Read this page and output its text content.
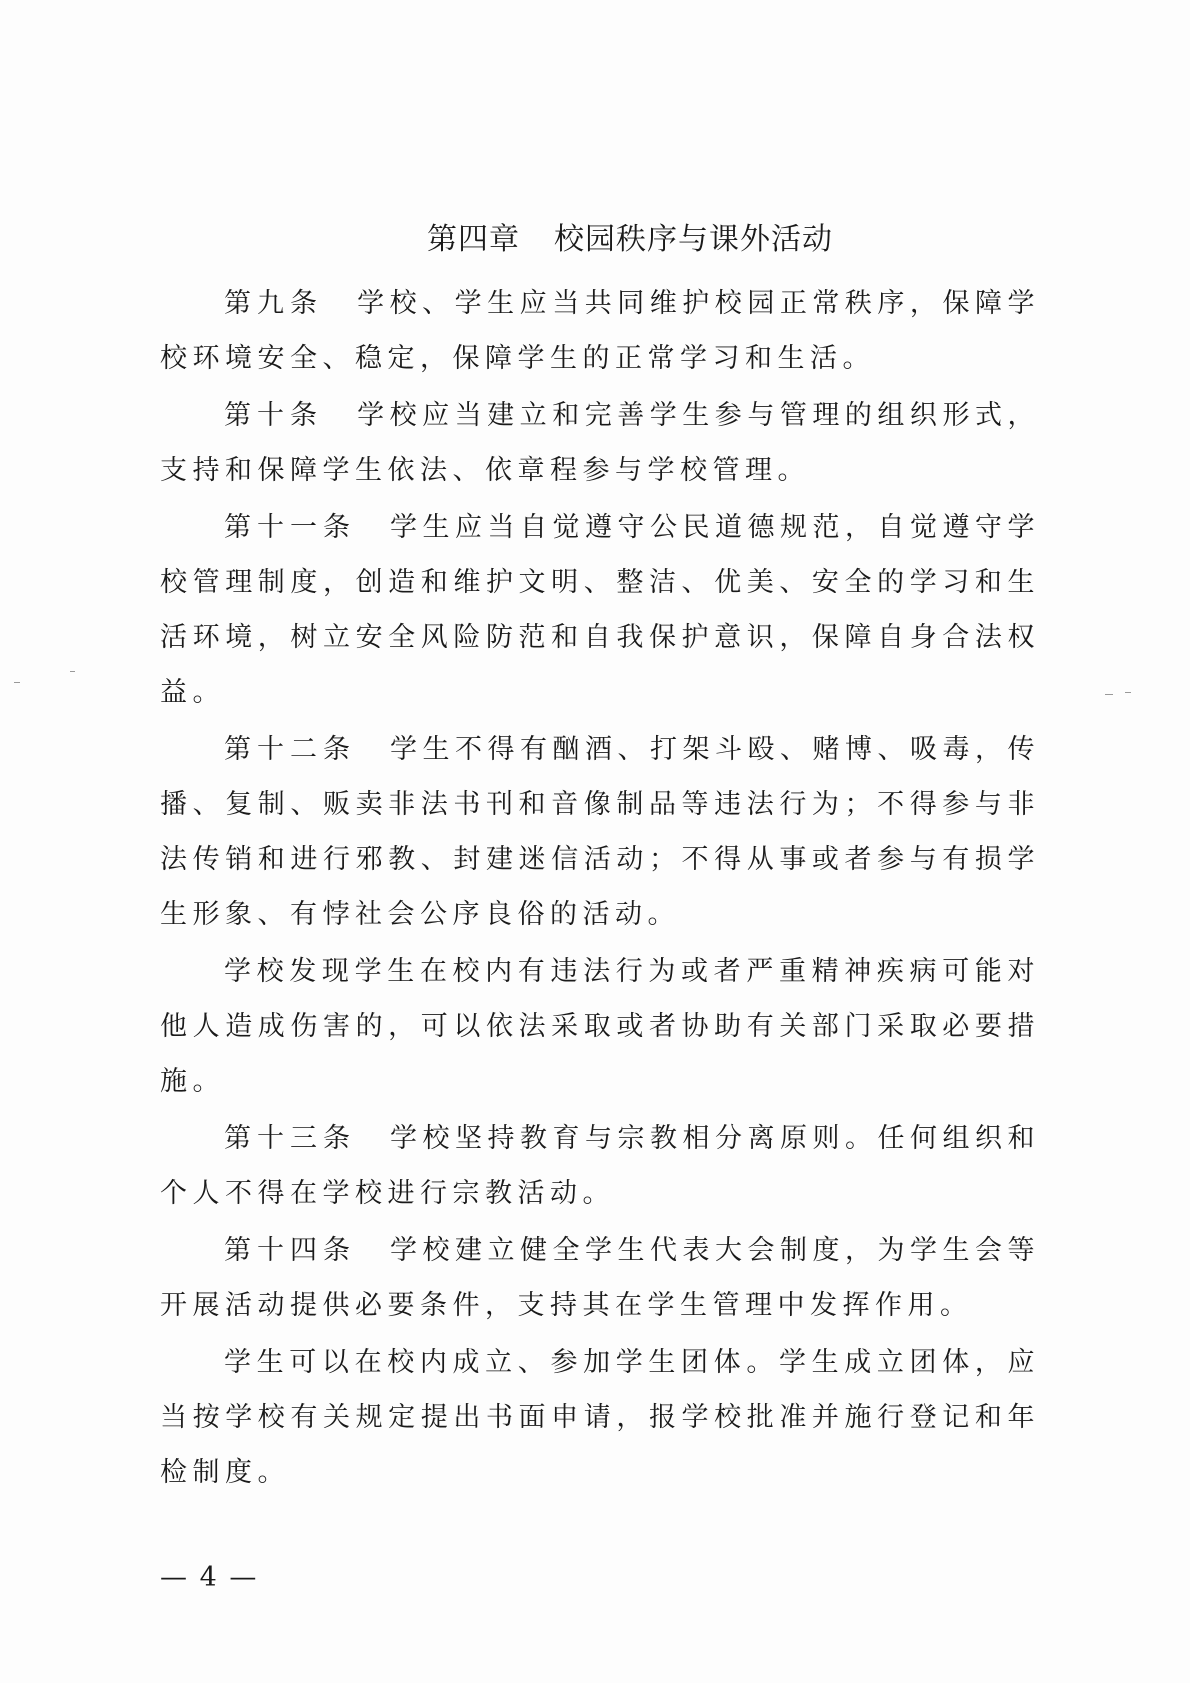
第四章 校园秩序与课外活动

第九条 学校、学生应当共同维护校园正常秩序，保障学校环境安全、稳定，保障学生的正常学习和生活。

第十条 学校应当建立和完善学生参与管理的组织形式，支持和保障学生依法、依章程参与学校管理。

第十一条 学生应当自觉遵守公民道德规范，自觉遵守学校管理制度，创造和维护文明、整洁、优美、安全的学习和生活环境，树立安全风险防范和自我保护意识，保障自身合法权益。

第十二条 学生不得有酗酒、打架斗殴、赌博、吸毒，传播、复制、贩卖非法书刊和音像制品等违法行为；不得参与非法传销和进行邪教、封建迷信活动；不得从事或者参与有损学生形象、有悖社会公序良俗的活动。

学校发现学生在校内有违法行为或者严重精神疾病可能对他人造成伤害的，可以依法采取或者协助有关部门采取必要措施。

第十三条 学校坚持教育与宗教相分离原则。任何组织和个人不得在学校进行宗教活动。

第十四条 学校建立健全学生代表大会制度，为学生会等开展活动提供必要条件，支持其在学生管理中发挥作用。

学生可以在校内成立、参加学生团体。学生成立团体，应当按学校有关规定提出书面申请，报学校批准并施行登记和年检制度。

— 4 —
